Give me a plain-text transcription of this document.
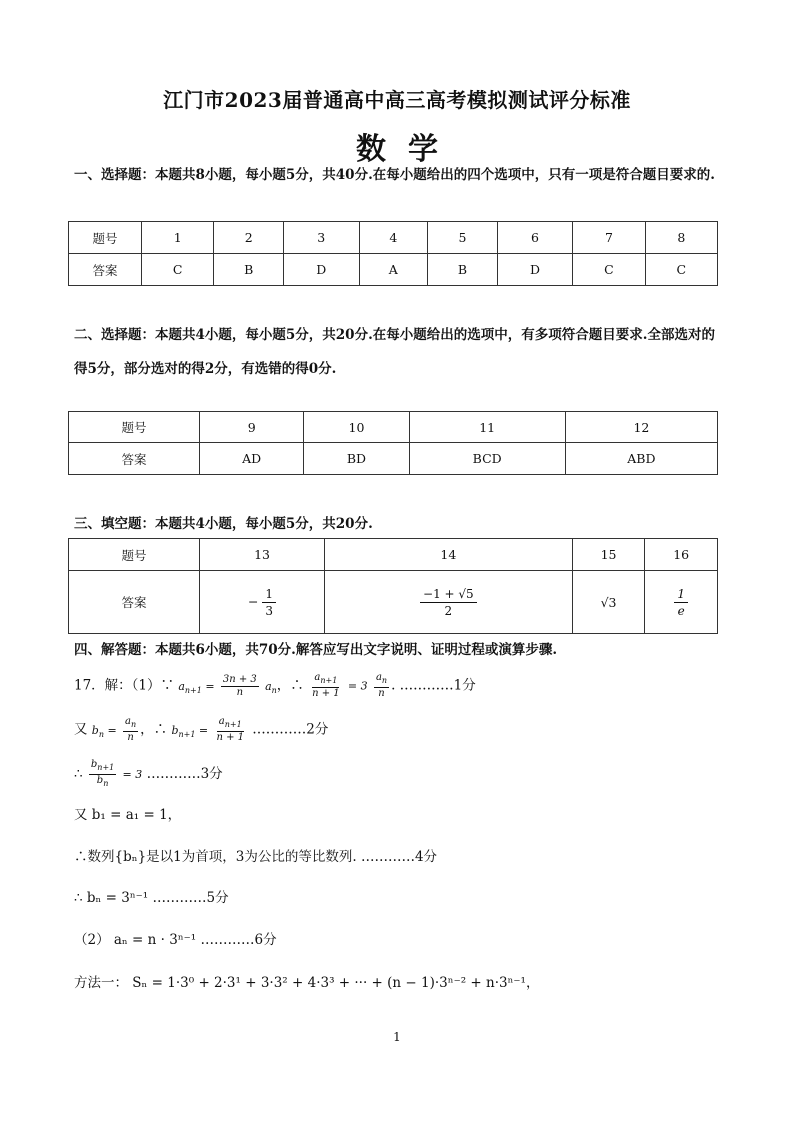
江门市2023届普通高中高三高考模拟测试评分标准
数学
一、选择题：本题共8小题，每小题5分，共40分.在每小题给出的四个选项中，只有一项是符合题目要求的.
题号	1	2	3	4	5	6	7	8
答案	C	B	D	A	B	D	C	C
二、选择题：本题共4小题，每小题5分，共20分.在每小题给出的选项中，有多项符合题目要求.全部选对的得5分，部分选对的得2分，有选错的得0分.
题号	9	10	11	12
答案	AD	BD	BCD	ABD
三、填空题：本题共4小题，每小题5分，共20分.
题号	13	14	15	16
答案	− $\frac{1}{3}$	$\frac{-1 + √5}{2}$	√3	$\frac{1}{e}$
四、解答题：本题共6小题，共70分.解答应写出文字说明、证明过程或演算步骤.
17．解：（1）∵ $a_{n+1} = \frac{3n + 3}{n} a_n$，∴ $\frac{a_{n+1}}{n + 1} = 3 \frac{a_n}{n}$ . …………1分
又 $b_n = \frac{a_n}{n}$ ，∴ $b_{n+1} = \frac{a_{n+1}}{n + 1}$ …………2分
∴ $\frac{b_{n+1}}{b_n} = 3$ …………3分
又 b₁ = a₁ = 1，
∴数列{bₙ}是以1为首项，3为公比的等比数列. …………4分
∴ bₙ = 3ⁿ⁻¹ …………5分
（2） aₙ = n · 3ⁿ⁻¹ …………6分
方法一： Sₙ = 1·3⁰ + 2·3¹ + 3·3² + 4·3³ + ··· + (n − 1)·3ⁿ⁻² + n·3ⁿ⁻¹，
1
